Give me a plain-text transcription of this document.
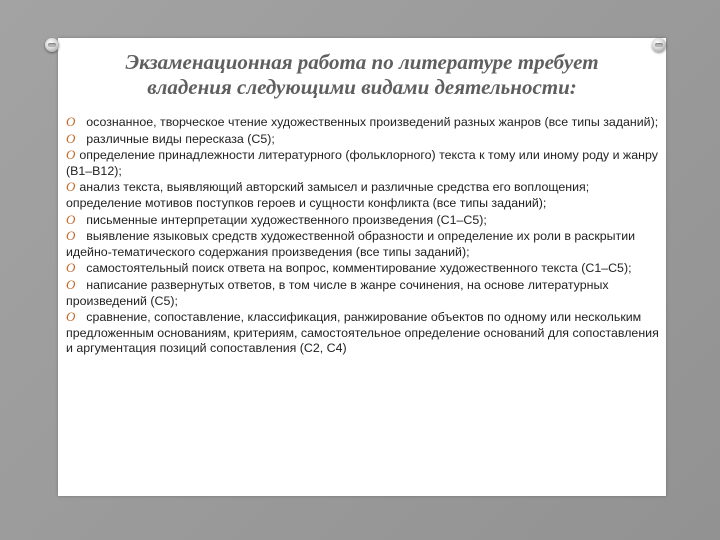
Экзаменационная работа по литературе требует
владения следующими видами деятельности:
O  осознанное, творческое чтение художественных произведений разных жанров (все типы заданий);
O  различные виды пересказа (С5);
O определение принадлежности литературного (фольклорного) текста к тому или иному роду и жанру (В1–В12);
O анализ текста, выявляющий авторский замысел и различные средства его воплощения; определение мотивов поступков героев и сущности конфликта (все типы заданий);
O  письменные интерпретации художественного произведения (С1–С5);
O  выявление языковых средств художественной образности и определение их роли в раскрытии идейно-тематического содержания произведения (все типы заданий);
O  самостоятельный поиск ответа на вопрос, комментирование художественного текста (С1–С5);
O  написание развернутых ответов, в том числе в жанре сочинения, на основе литературных произведений (С5);
O  сравнение, сопоставление, классификация, ранжирование объектов по одному или нескольким предложенным основаниям, критериям, самостоятельное определение оснований для сопоставления и аргументация позиций сопоставления (С2, С4)
